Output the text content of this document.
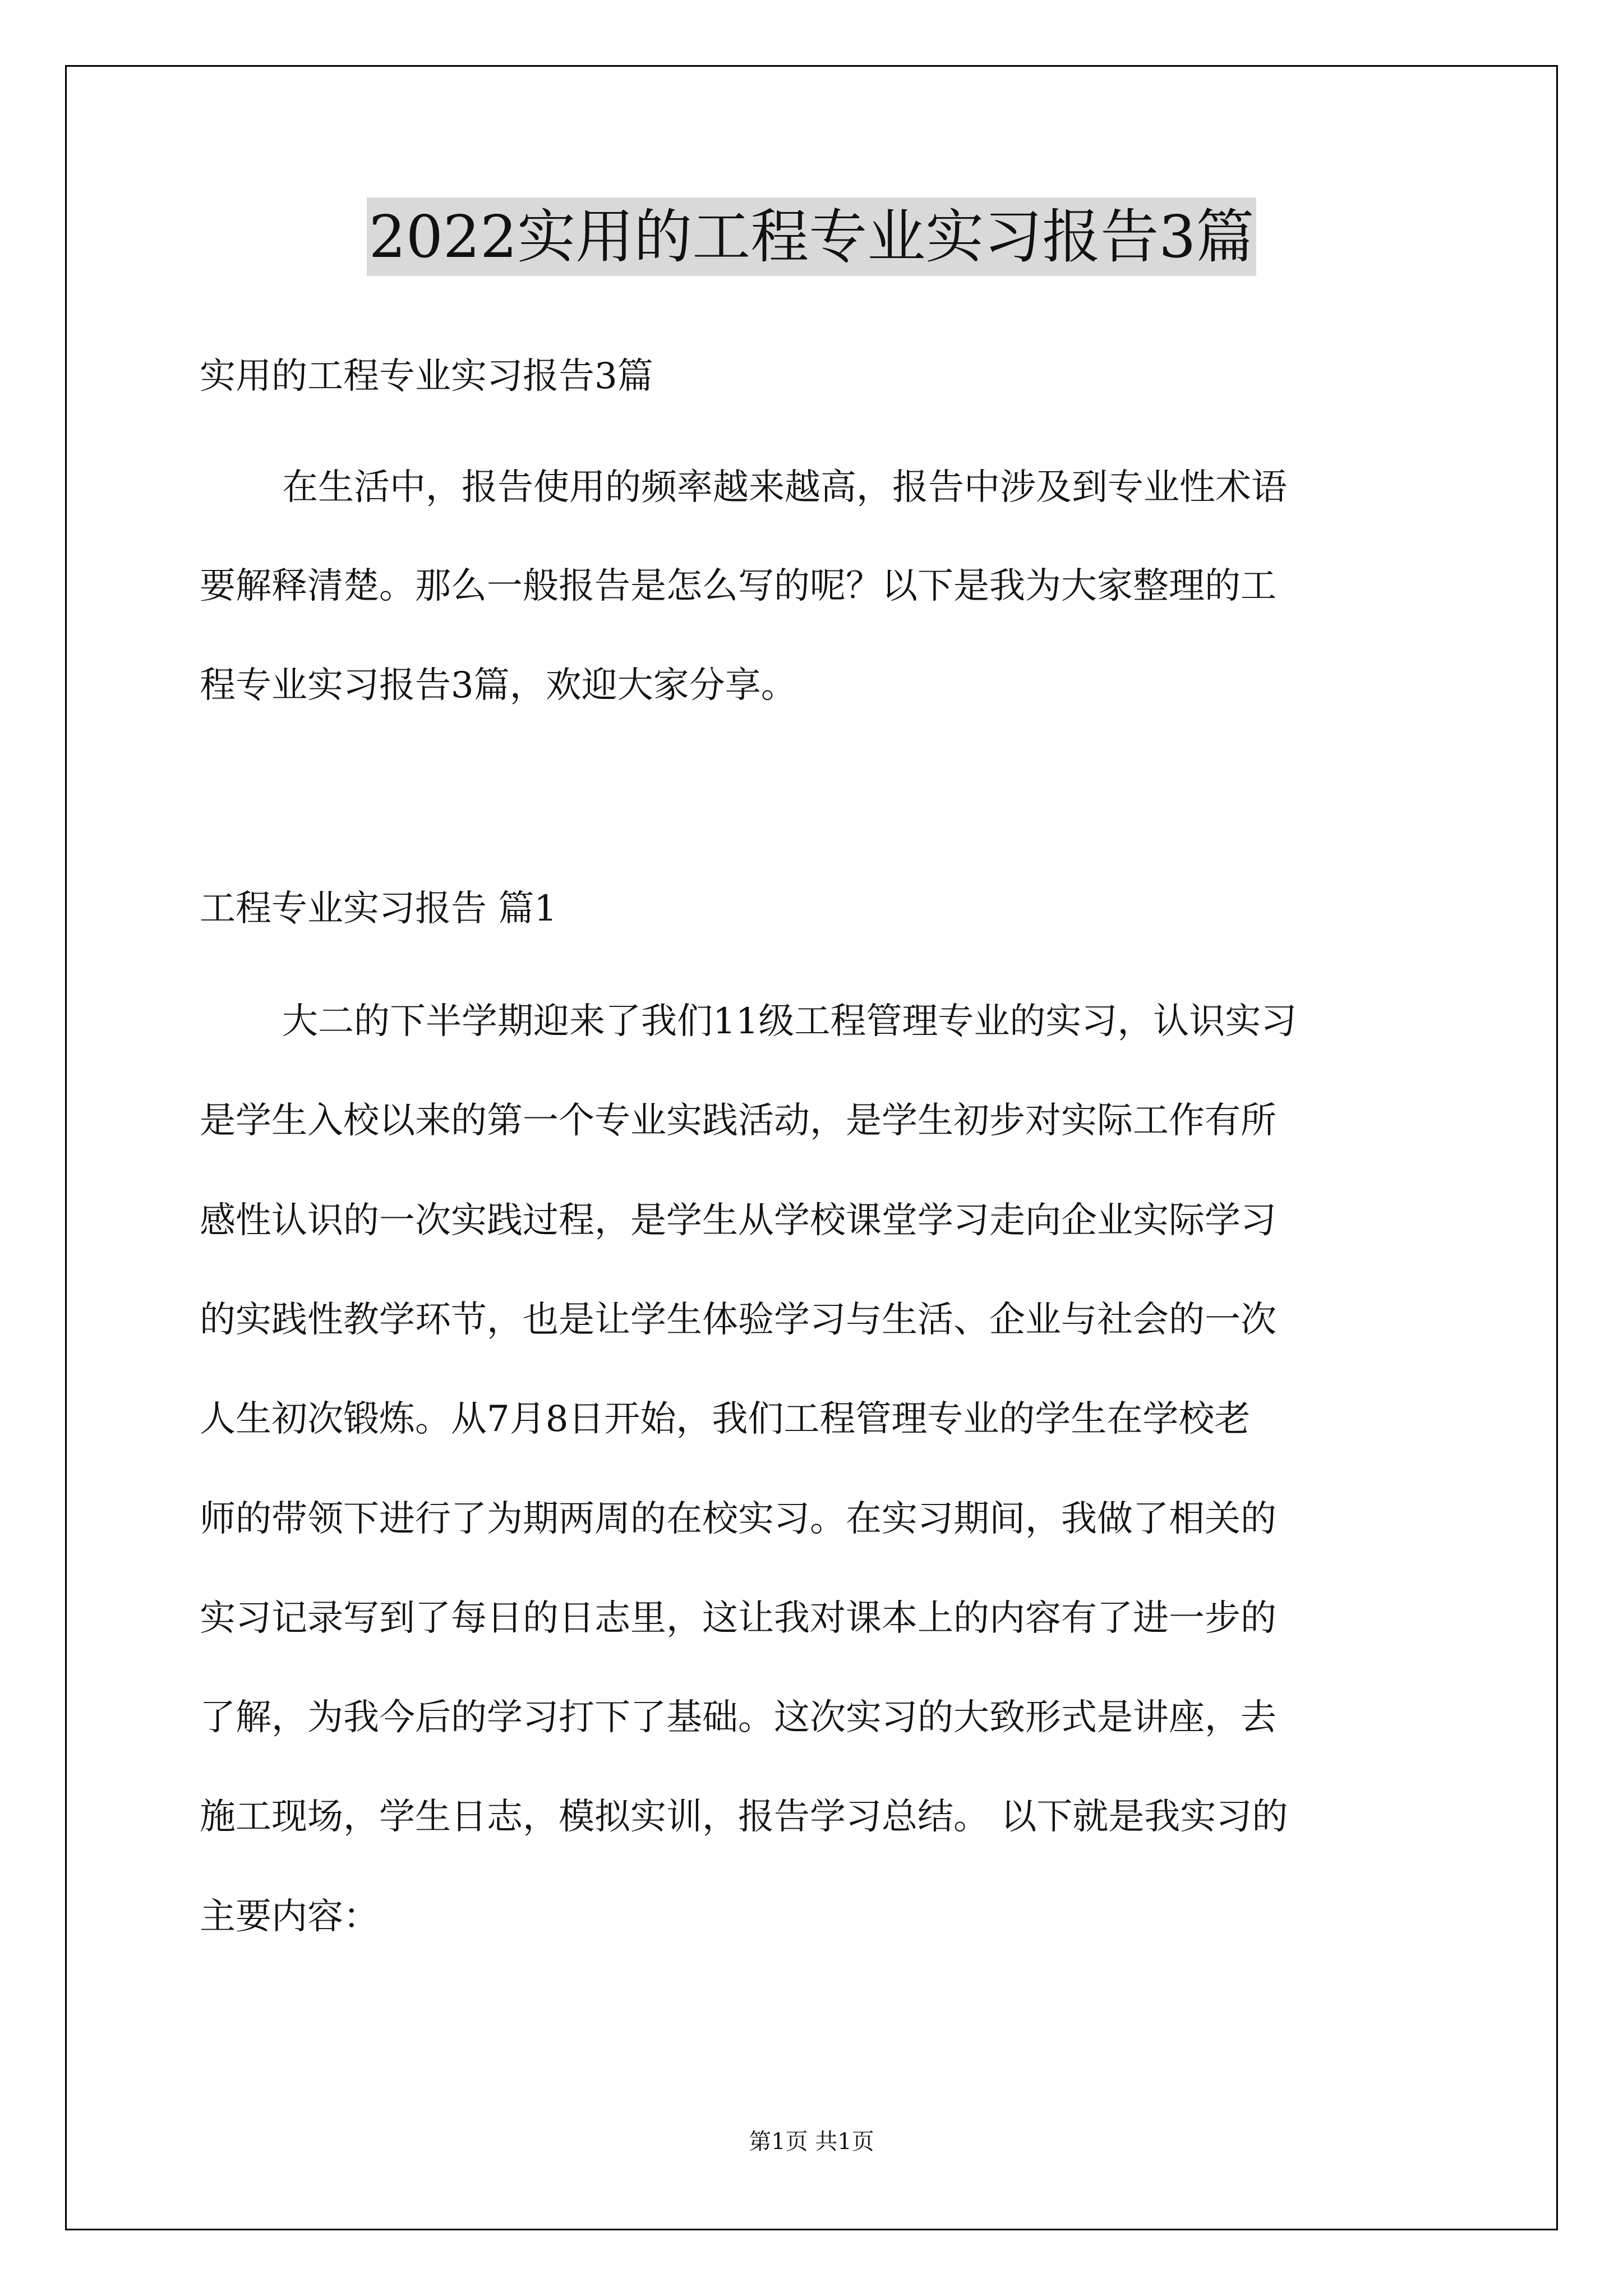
2022实用的工程专业实习报告3篇
实用的工程专业实习报告3篇
在生活中，报告使用的频率越来越高，报告中涉及到专业性术语
要解释清楚。那么一般报告是怎么写的呢？以下是我为大家整理的工
程专业实习报告3篇，欢迎大家分享。
工程专业实习报告 篇1
大二的下半学期迎来了我们11级工程管理专业的实习，认识实习
是学生入校以来的第一个专业实践活动，是学生初步对实际工作有所
感性认识的一次实践过程，是学生从学校课堂学习走向企业实际学习
的实践性教学环节，也是让学生体验学习与生活、企业与社会的一次
人生初次锻炼。从7月8日开始，我们工程管理专业的学生在学校老
师的带领下进行了为期两周的在校实习。在实习期间，我做了相关的
实习记录写到了每日的日志里，这让我对课本上的内容有了进一步的
了解，为我今后的学习打下了基础。这次实习的大致形式是讲座，去
施工现场，学生日志，模拟实训，报告学习总结。 以下就是我实习的
主要内容：
第1页 共1页
